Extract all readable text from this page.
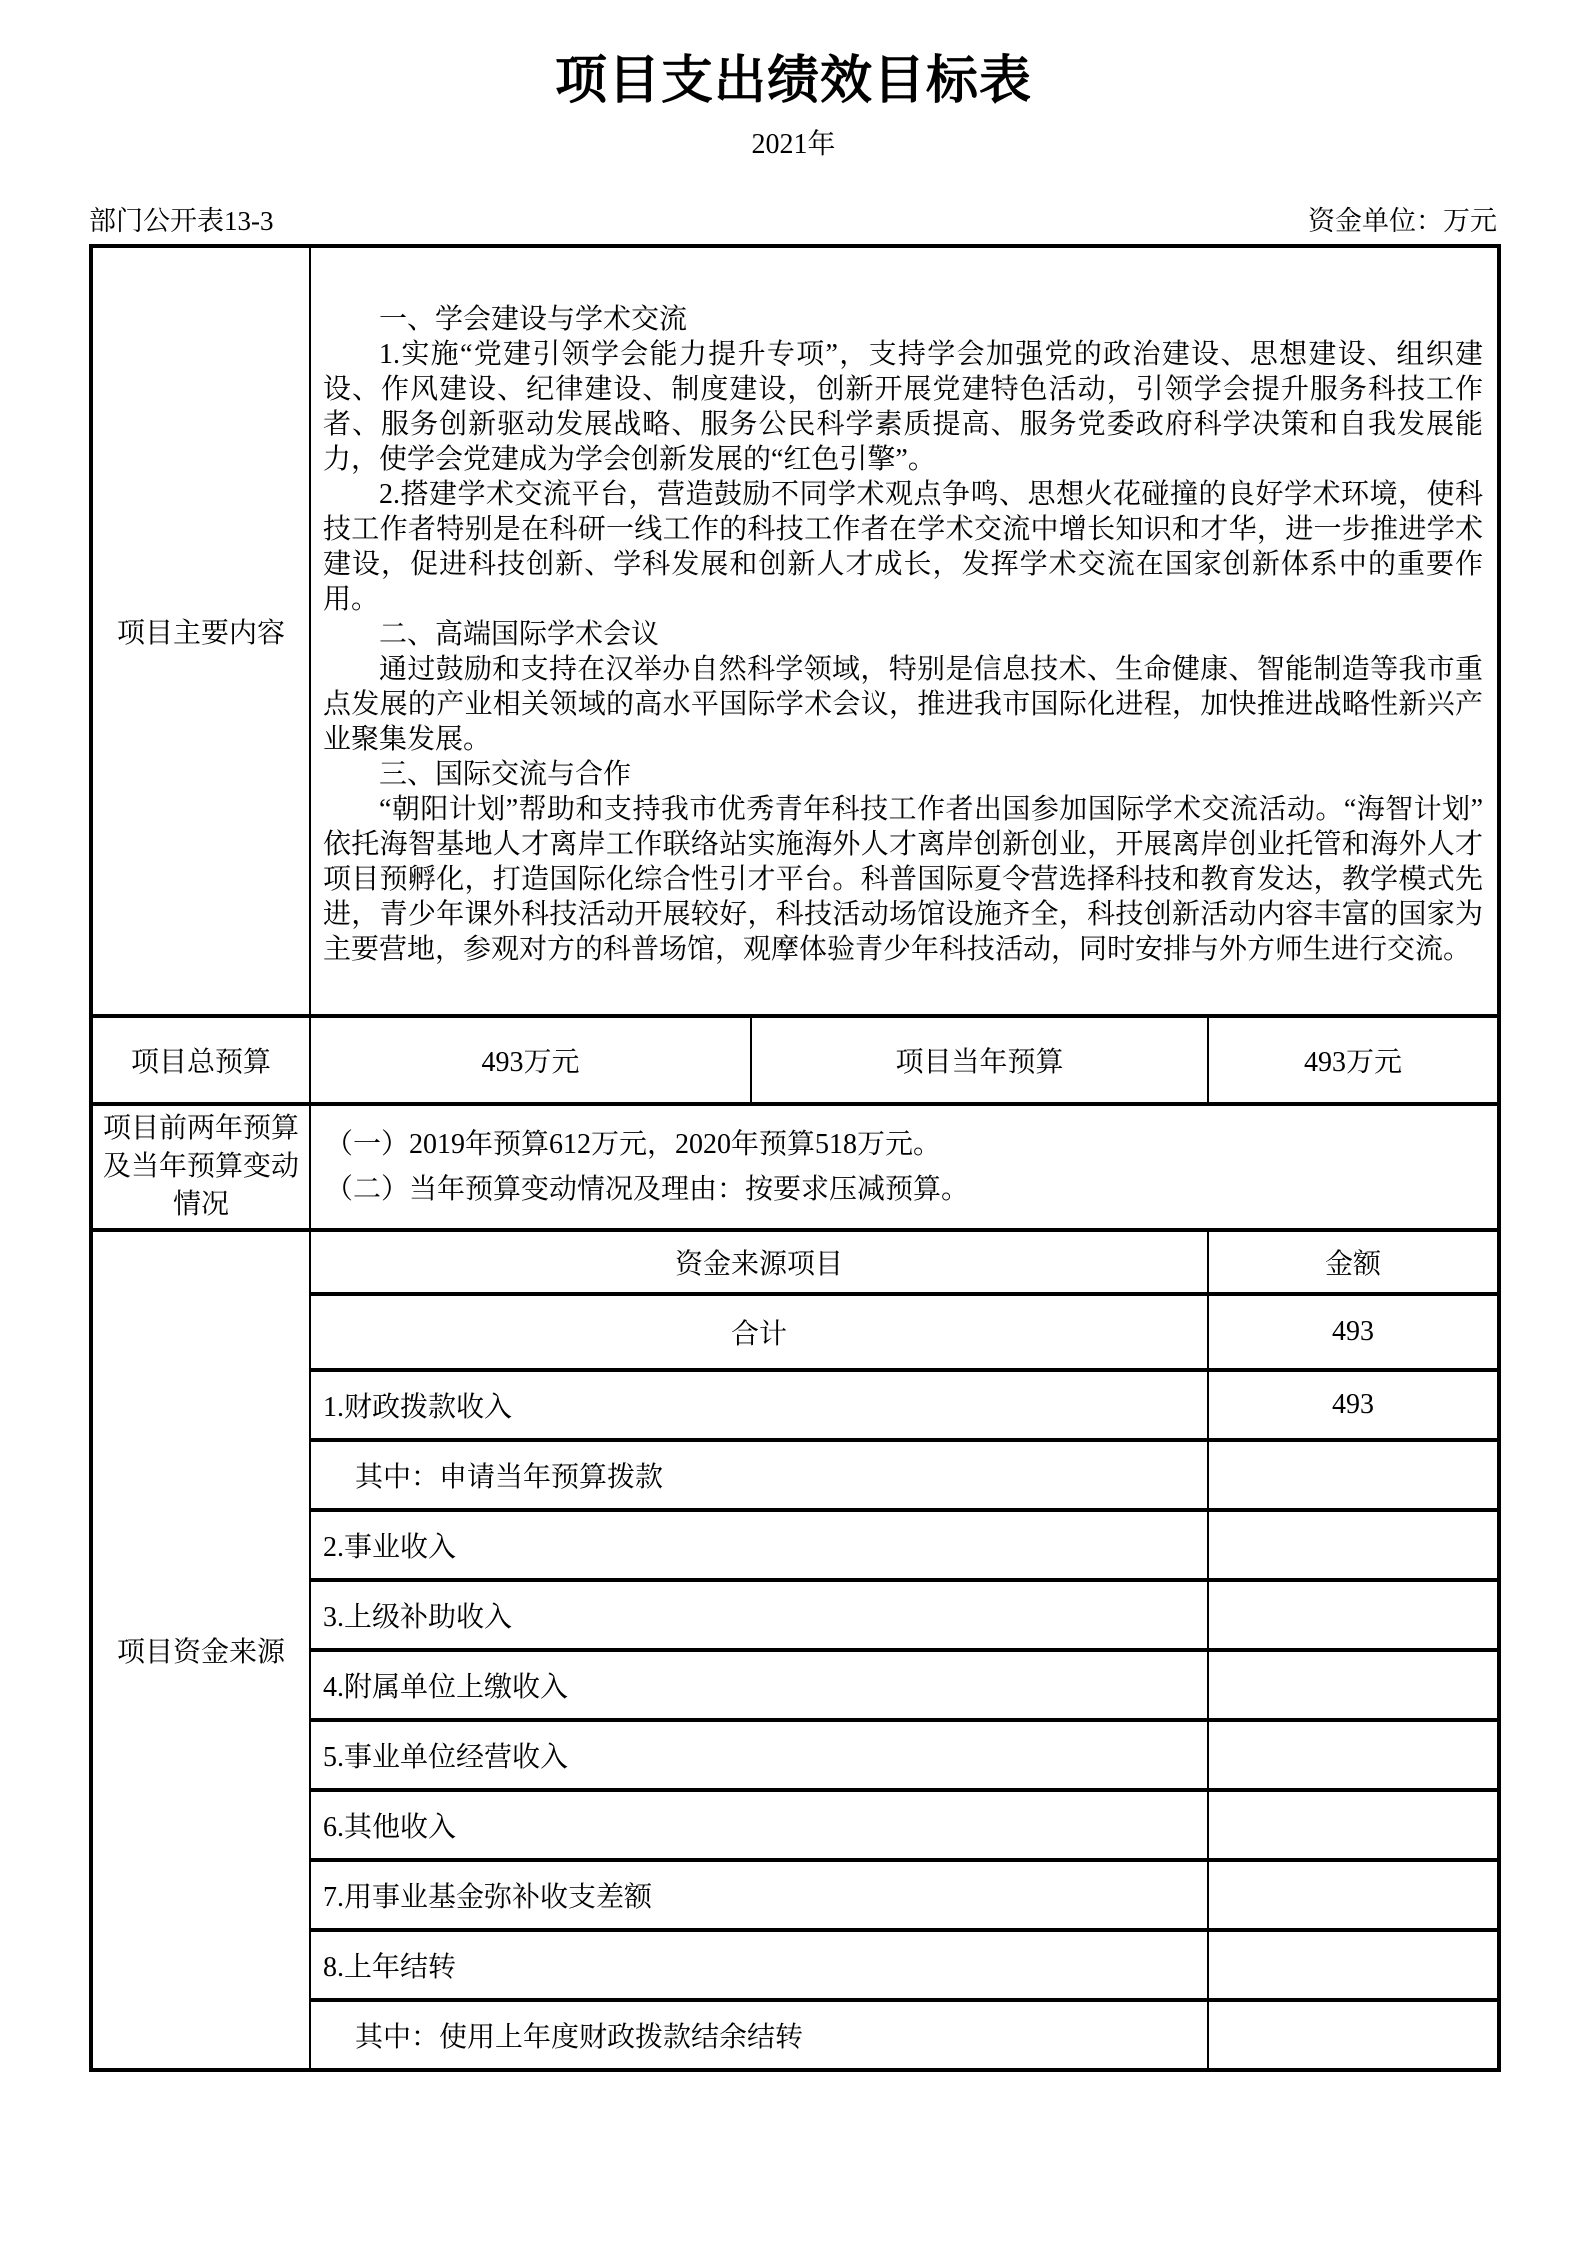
项目支出绩效目标表
2021年
部门公开表13-3	资金单位：万元
项目主要内容	

一、学会建设与学术交流

1.实施“党建引领学会能力提升专项”，支持学会加强党的政治建设、思想建设、组织建设、作风建设、纪律建设、制度建设，创新开展党建特色活动，引领学会提升服务科技工作者、服务创新驱动发展战略、服务公民科学素质提高、服务党委政府科学决策和自我发展能力，使学会党建成为学会创新发展的“红色引擎”。

2.搭建学术交流平台，营造鼓励不同学术观点争鸣、思想火花碰撞的良好学术环境，使科技工作者特别是在科研一线工作的科技工作者在学术交流中增长知识和才华，进一步推进学术建设，促进科技创新、学科发展和创新人才成长，发挥学术交流在国家创新体系中的重要作用。

二、高端国际学术会议

通过鼓励和支持在汉举办自然科学领域，特别是信息技术、生命健康、智能制造等我市重点发展的产业相关领域的高水平国际学术会议，推进我市国际化进程，加快推进战略性新兴产业聚集发展。

三、国际交流与合作

“朝阳计划”帮助和支持我市优秀青年科技工作者出国参加国际学术交流活动。“海智计划”依托海智基地人才离岸工作联络站实施海外人才离岸创新创业，开展离岸创业托管和海外人才项目预孵化，打造国际化综合性引才平台。科普国际夏令营选择科技和教育发达，教学模式先进，青少年课外科技活动开展较好，科技活动场馆设施齐全，科技创新活动内容丰富的国家为主要营地，参观对方的科普场馆，观摩体验青少年科技活动，同时安排与外方师生进行交流。

项目总预算	493万元	项目当年预算	493万元

项目前两年预算
及当年预算变动
情况

（一）2019年预算612万元，2020年预算518万元。
（二）当年预算变动情况及理由：按要求压减预算。

项目资金来源	资金来源项目		金额
	合计		493
	1.财政拨款收入		493
	其中：申请当年预算拨款		
	2.事业收入		
	3.上级补助收入		
	4.附属单位上缴收入		
	5.事业单位经营收入		
	6.其他收入		
	7.用事业基金弥补收支差额		
	8.上年结转		
	其中：使用上年度财政拨款结余结转		
